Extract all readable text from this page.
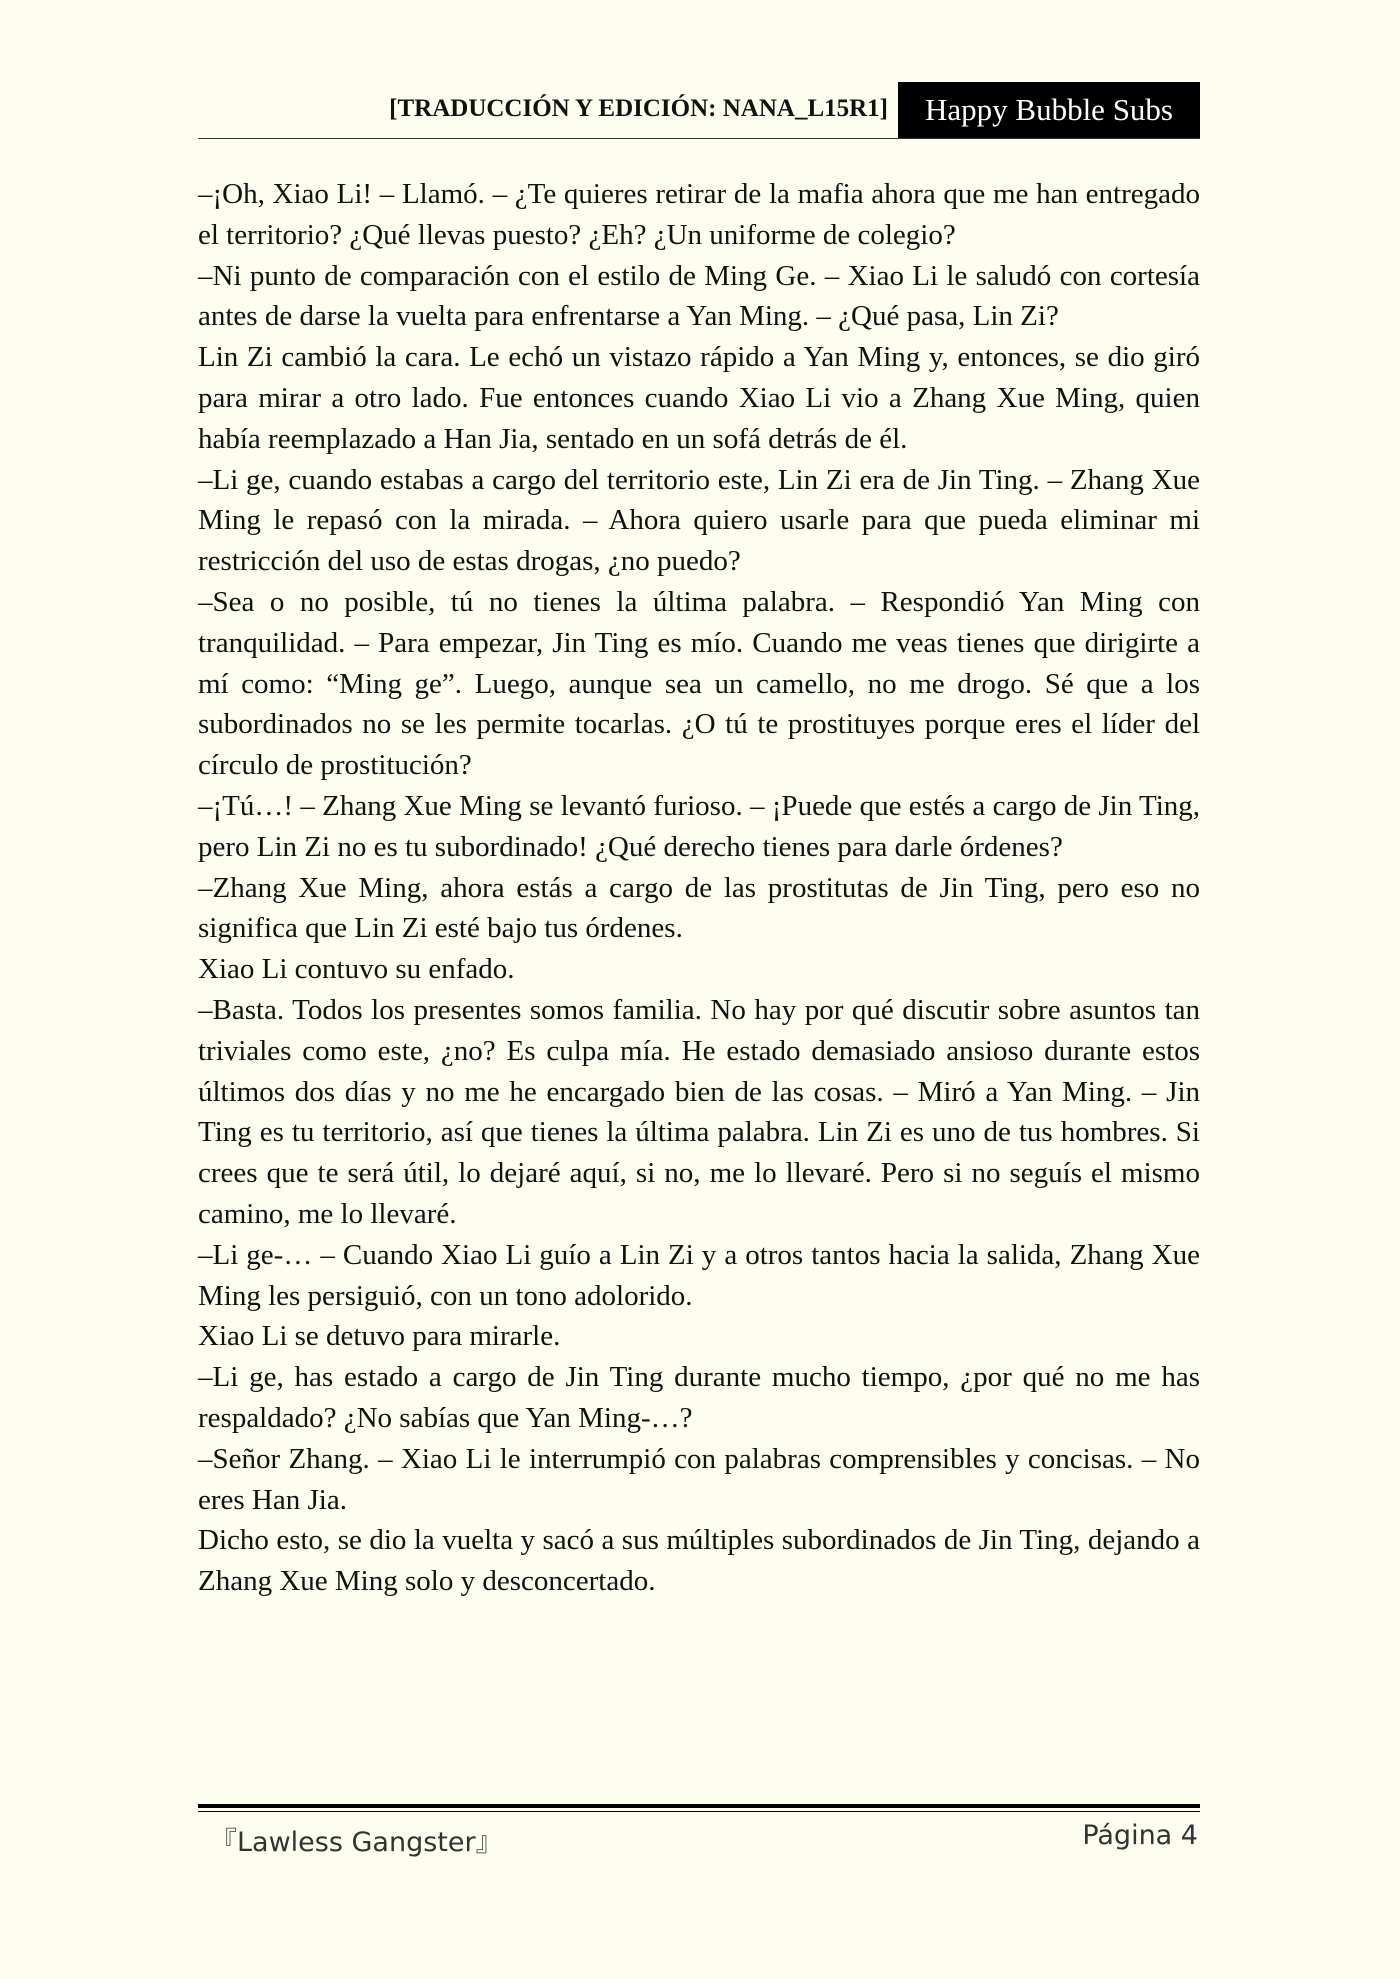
[TRADUCCIÓN Y EDICIÓN: NANA_L15R1]	Happy Bubble Subs

–¡Oh, Xiao Li! – Llamó. – ¿Te quieres retirar de la mafia ahora que me han entregado el territorio? ¿Qué llevas puesto? ¿Eh? ¿Un uniforme de colegio?

–Ni punto de comparación con el estilo de Ming Ge. – Xiao Li le saludó con cortesía antes de darse la vuelta para enfrentarse a Yan Ming. – ¿Qué pasa, Lin Zi?

Lin Zi cambió la cara. Le echó un vistazo rápido a Yan Ming y, entonces, se dio giró para mirar a otro lado. Fue entonces cuando Xiao Li vio a Zhang Xue Ming, quien había reemplazado a Han Jia, sentado en un sofá detrás de él.

–Li ge, cuando estabas a cargo del territorio este, Lin Zi era de Jin Ting. – Zhang Xue Ming le repasó con la mirada. – Ahora quiero usarle para que pueda eliminar mi restricción del uso de estas drogas, ¿no puedo?

–Sea o no posible, tú no tienes la última palabra. – Respondió Yan Ming con tranquilidad. – Para empezar, Jin Ting es mío. Cuando me veas tienes que dirigirte a mí como: “Ming ge”. Luego, aunque sea un camello, no me drogo. Sé que a los subordinados no se les permite tocarlas. ¿O tú te prostituyes porque eres el líder del círculo de prostitución?

–¡Tú…! – Zhang Xue Ming se levantó furioso. – ¡Puede que estés a cargo de Jin Ting, pero Lin Zi no es tu subordinado! ¿Qué derecho tienes para darle órdenes?

–Zhang Xue Ming, ahora estás a cargo de las prostitutas de Jin Ting, pero eso no significa que Lin Zi esté bajo tus órdenes.

Xiao Li contuvo su enfado.

–Basta. Todos los presentes somos familia. No hay por qué discutir sobre asuntos tan triviales como este, ¿no? Es culpa mía. He estado demasiado ansioso durante estos últimos dos días y no me he encargado bien de las cosas. – Miró a Yan Ming. – Jin Ting es tu territorio, así que tienes la última palabra. Lin Zi es uno de tus hombres. Si crees que te será útil, lo dejaré aquí, si no, me lo llevaré. Pero si no seguís el mismo camino, me lo llevaré.

–Li ge-… – Cuando Xiao Li guío a Lin Zi y a otros tantos hacia la salida, Zhang Xue Ming les persiguió, con un tono adolorido.

Xiao Li se detuvo para mirarle.

–Li ge, has estado a cargo de Jin Ting durante mucho tiempo, ¿por qué no me has respaldado? ¿No sabías que Yan Ming-…?

–Señor Zhang. – Xiao Li le interrumpió con palabras comprensibles y concisas. – No eres Han Jia.

Dicho esto, se dio la vuelta y sacó a sus múltiples subordinados de Jin Ting, dejando a Zhang Xue Ming solo y desconcertado.

『Lawless Gangster』	Página 4
